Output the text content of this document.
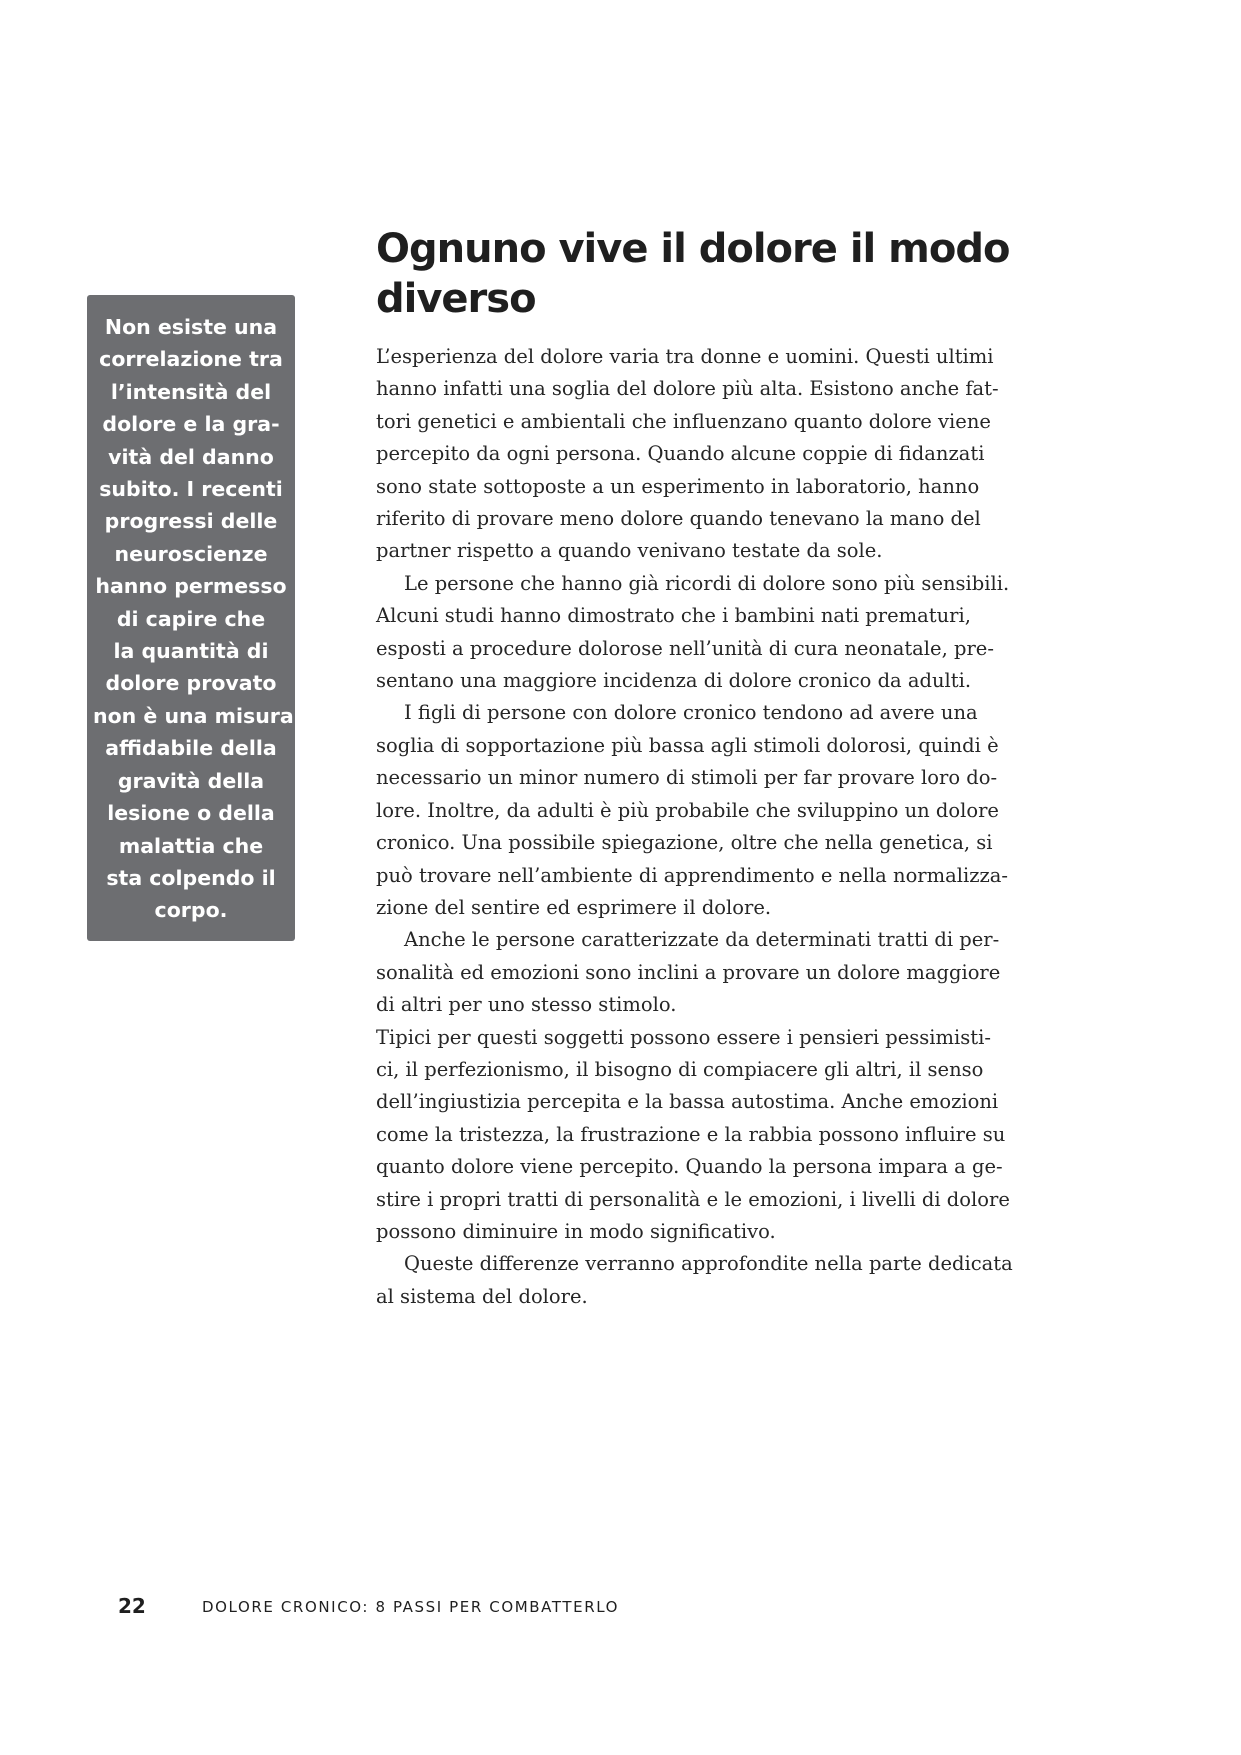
Non esiste una
correlazione tra
l’intensità del
dolore e la gra-
vità del danno
subito. I recenti
progressi delle
neuroscienze
hanno permesso
di capire che
la quantità di
dolore provato
non è una misura
affidabile della
gravità della
lesione o della
malattia che
sta colpendo il
corpo.
Ognuno vive il dolore il modo
diverso
L’esperienza del dolore varia tra donne e uomini. Questi ultimi
hanno infatti una soglia del dolore più alta. Esistono anche fat-
tori genetici e ambientali che influenzano quanto dolore viene
percepito da ogni persona. Quando alcune coppie di fidanzati
sono state sottoposte a un esperimento in laboratorio, hanno
riferito di provare meno dolore quando tenevano la mano del
partner rispetto a quando venivano testate da sole.
Le persone che hanno già ricordi di dolore sono più sensibili.
Alcuni studi hanno dimostrato che i bambini nati prematuri,
esposti a procedure dolorose nell’unità di cura neonatale, pre-
sentano una maggiore incidenza di dolore cronico da adulti.
I figli di persone con dolore cronico tendono ad avere una
soglia di sopportazione più bassa agli stimoli dolorosi, quindi è
necessario un minor numero di stimoli per far provare loro do-
lore. Inoltre, da adulti è più probabile che sviluppino un dolore
cronico. Una possibile spiegazione, oltre che nella genetica, si
può trovare nell’ambiente di apprendimento e nella normalizza-
zione del sentire ed esprimere il dolore.
Anche le persone caratterizzate da determinati tratti di per-
sonalità ed emozioni sono inclini a provare un dolore maggiore
di altri per uno stesso stimolo.
Tipici per questi soggetti possono essere i pensieri pessimisti-
ci, il perfezionismo, il bisogno di compiacere gli altri, il senso
dell’ingiustizia percepita e la bassa autostima. Anche emozioni
come la tristezza, la frustrazione e la rabbia possono influire su
quanto dolore viene percepito. Quando la persona impara a ge-
stire i propri tratti di personalità e le emozioni, i livelli di dolore
possono diminuire in modo significativo.
Queste differenze verranno approfondite nella parte dedicata
al sistema del dolore.
22	DOLORE CRONICO: 8 PASSI PER COMBATTERLO
